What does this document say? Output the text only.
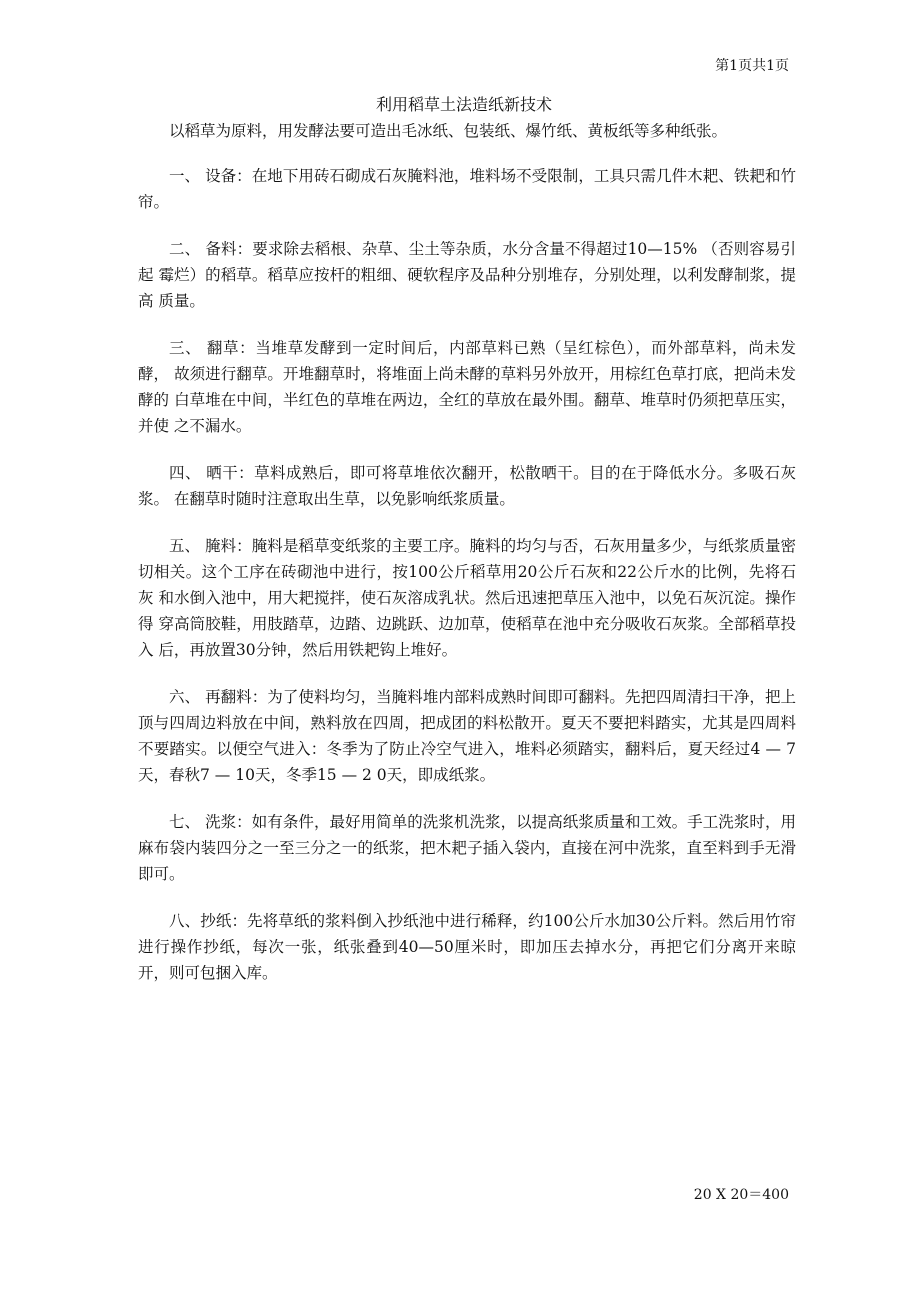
第1页共1页
利用稻草土法造纸新技术

以稻草为原料，用发酵法要可造出毛冰纸、包装纸、爆竹纸、黄板纸等多种纸张。

一、 设备：在地下用砖石砌成石灰腌料池，堆料场不受限制，工具只需几件木耙、铁耙和竹 帘。

二、 备料：要求除去稻根、杂草、尘土等杂质，水分含量不得超过10—15% （否则容易引起 霉烂）的稻草。稻草应按杆的粗细、硬软程序及品种分别堆存，分别处理，以利发酵制浆，提高 质量。

三、 翻草：当堆草发酵到一定时间后，内部草料已熟（呈红棕色），而外部草料，尚未发酵， 故须进行翻草。开堆翻草时，将堆面上尚未酵的草料另外放开，用棕红色草打底，把尚未发酵的 白草堆在中间，半红色的草堆在两边，全红的草放在最外围。翻草、堆草时仍须把草压实，并使 之不漏水。

四、 晒干：草料成熟后，即可将草堆依次翻开，松散晒干。目的在于降低水分。多吸石灰浆。 在翻草时随时注意取出生草，以免影响纸浆质量。

五、 腌料：腌料是稻草变纸浆的主要工序。腌料的均匀与否，石灰用量多少，与纸浆质量密 切相关。这个工序在砖砌池中进行，按100公斤稻草用20公斤石灰和22公斤水的比例，先将石灰 和水倒入池中，用大耙搅拌，使石灰溶成乳状。然后迅速把草压入池中，以免石灰沉淀。操作得 穿高筒胶鞋，用肢踏草，边踏、边跳跃、边加草，使稻草在池中充分吸收石灰浆。全部稻草投入 后，再放置30分钟，然后用铁耙钩上堆好。

六、 再翻料：为了使料均匀，当腌料堆内部料成熟时间即可翻料。先把四周清扫干净，把上 顶与四周边料放在中间，熟料放在四周，把成团的料松散开。夏天不要把料踏实，尤其是四周料 不要踏实。以便空气进入：冬季为了防止冷空气进入，堆料必须踏实，翻料后，夏天经过4 — 7 天，春秋7 — 10天，冬季15 — 2 0天，即成纸浆。

七、 洗浆：如有条件，最好用简单的洗浆机洗浆，以提高纸浆质量和工效。手工洗浆时，用 麻布袋内装四分之一至三分之一的纸浆，把木耙子插入袋内，直接在河中洗浆，直至料到手无滑 即可。

八、抄纸：先将草纸的浆料倒入抄纸池中进行稀释，约100公斤水加30公斤料。然后用竹帘进行操作抄纸，每次一张，纸张叠到40—50厘米时，即加压去掉水分，再把它们分离开来晾开，则可包捆入库。

20 X 20＝400
